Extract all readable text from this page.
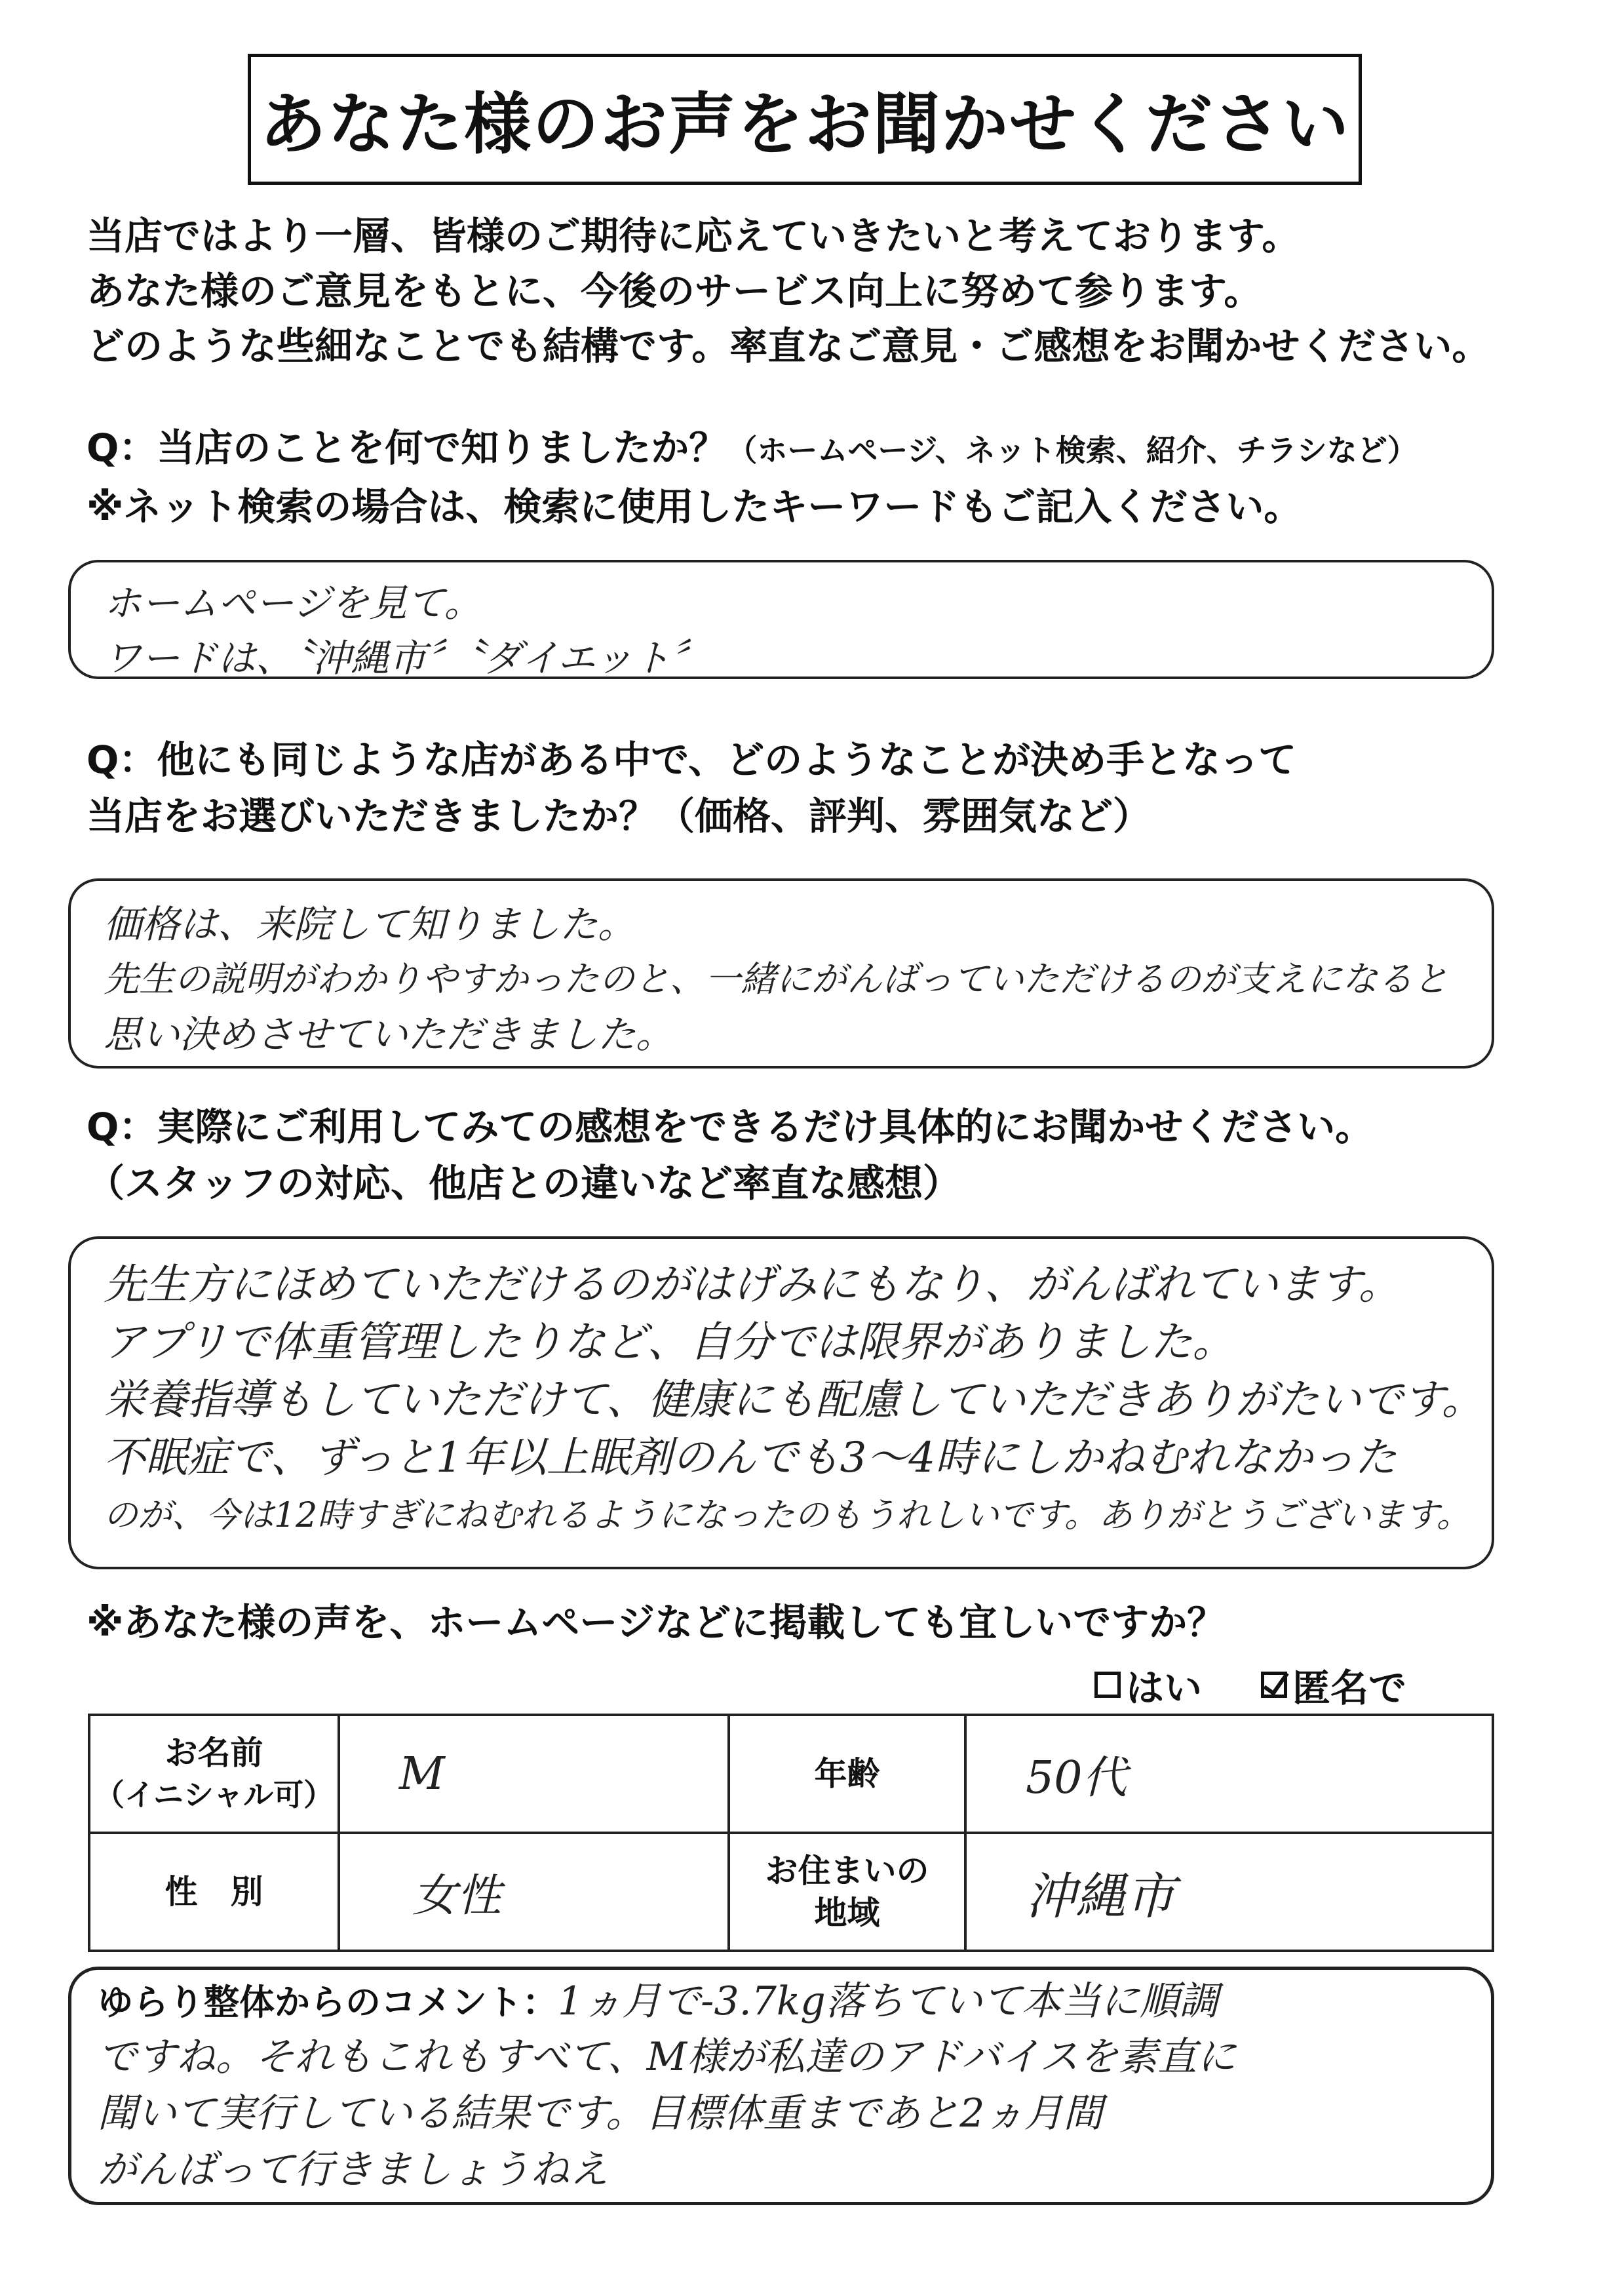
あなた様のお声をお聞かせください
当店ではより一層、皆様のご期待に応えていきたいと考えております。
あなた様のご意見をもとに、今後のサービス向上に努めて参ります。
どのような些細なことでも結構です。率直なご意見・ご感想をお聞かせください。
Q：当店のことを何で知りましたか？（ホームページ、ネット検索、紹介、チラシなど）
※ネット検索の場合は、検索に使用したキーワードもご記入ください。
ホームページを見て。
ワードは、〝沖縄市〞〝ダイエット〞
Q：他にも同じような店がある中で、どのようなことが決め手となって
当店をお選びいただきましたか？（価格、評判、雰囲気など）
価格は、来院して知りました。
先生の説明がわかりやすかったのと、一緒にがんばっていただけるのが支えになると
思い決めさせていただきました。
Q：実際にご利用してみての感想をできるだけ具体的にお聞かせください。
（スタッフの対応、他店との違いなど率直な感想）
先生方にほめていただけるのがはげみにもなり、がんばれています。
アプリで体重管理したりなど、自分では限界がありました。
栄養指導もしていただけて、健康にも配慮していただきありがたいです。
不眠症で、ずっと1年以上眠剤のんでも3〜4時にしかねむれなかった
のが、今は12時すぎにねむれるようになったのもうれしいです。ありがとうございます。
※あなた様の声を、ホームページなどに掲載しても宜しいですか？
はい 匿名で
お名前
（イニシャル可）	M	年齢	50代
性　別	女性	お住まいの
地域	沖縄市
ゆらり整体からのコメント：1ヵ月で-3.7kg落ちていて本当に順調
ですね。それもこれもすべて、M様が私達のアドバイスを素直に
聞いて実行している結果です。目標体重まであと2ヵ月間
がんばって行きましょうねえ
